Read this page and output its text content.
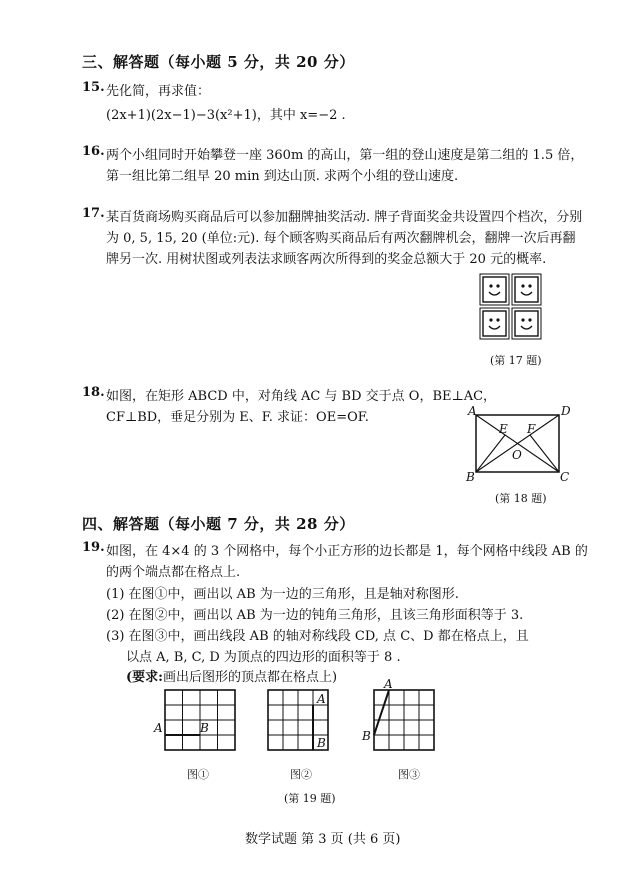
三、解答题（每小题 5 分，共 20 分）
15. 先化简，再求值：
(2x+1)(2x−1)−3(x²+1)，其中 x=−2 .
16. 两个小组同时开始攀登一座 360m 的高山，第一组的登山速度是第二组的 1.5 倍，
第一组比第二组早 20 min 到达山顶. 求两个小组的登山速度.
17. 某百货商场购买商品后可以参加翻牌抽奖活动. 牌子背面奖金共设置四个档次，分别
为 0, 5, 15, 20 (单位:元). 每个顾客购买商品后有两次翻牌机会，翻牌一次后再翻
牌另一次. 用树状图或列表法求顾客两次所得到的奖金总额大于 20 元的概率.
(第 17 题)
18. 如图，在矩形 ABCD 中，对角线 AC 与 BD 交于点 O，BE⊥AC，
CF⊥BD，垂足分别为 E、F. 求证：OE=OF.	A	D
B	C
E F
O
(第 18 题)
四、解答题（每小题 7 分，共 28 分）
19. 如图，在 4×4 的 3 个网格中，每个小正方形的边长都是 1，每个网格中线段 AB 的
的两个端点都在格点上.
(1) 在图①中，画出以 AB 为一边的三角形，且是轴对称图形.
(2) 在图②中，画出以 AB 为一边的钝角三角形，且该三角形面积等于 3.
(3) 在图③中，画出线段 AB 的轴对称线段 CD, 点 C、D 都在格点上，且
以点 A, B, C, D 为顶点的四边形的面积等于 8 .
(要求:画出后图形的顶点都在格点上)
A	B
图①
A
B
图②
A
B
图③
(第 19 题)
数学试题 第 3 页 (共 6 页)
